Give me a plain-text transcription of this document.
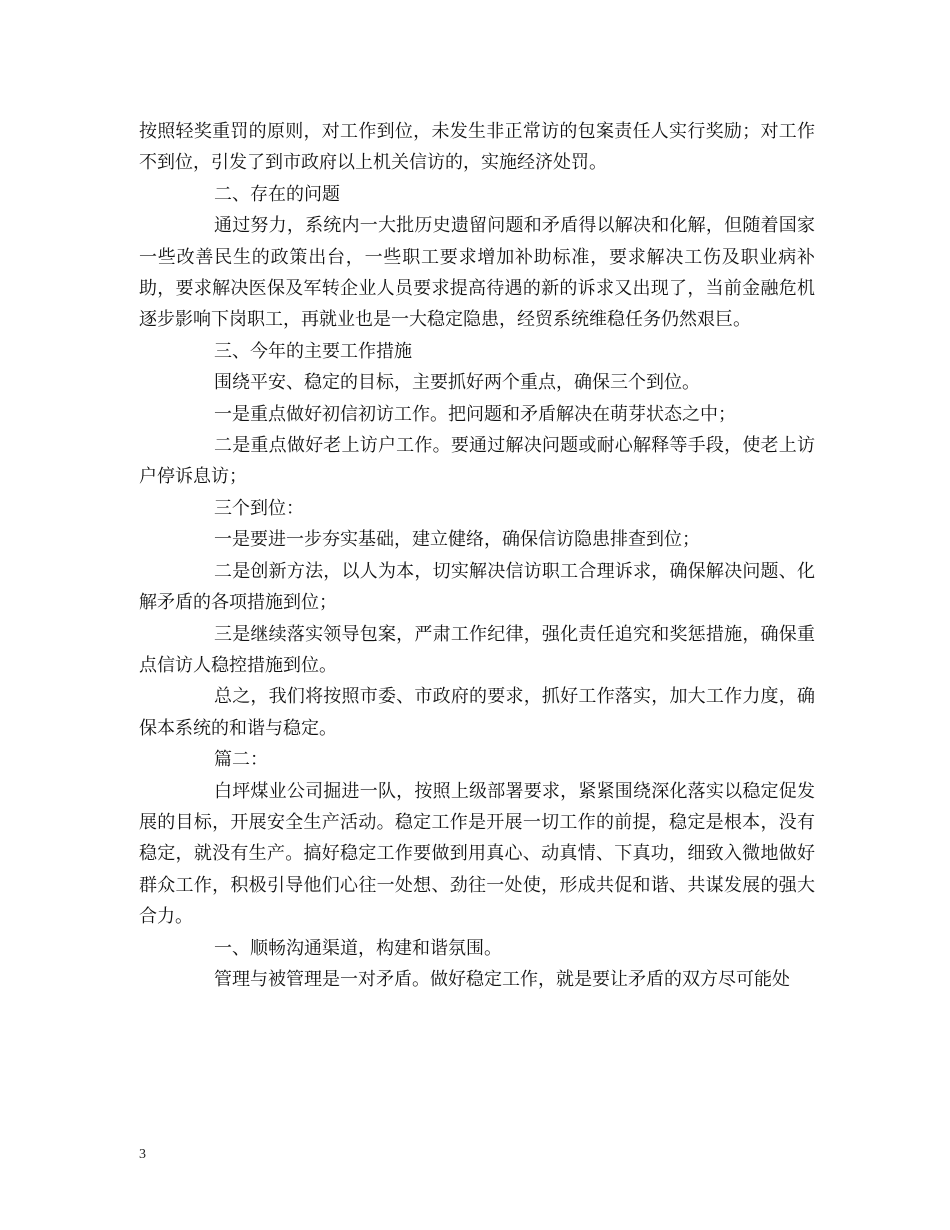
按照轻奖重罚的原则，对工作到位，未发生非正常访的包案责任人实行奖励；对工作不到位，引发了到市政府以上机关信访的，实施经济处罚。

二、存在的问题

通过努力，系统内一大批历史遗留问题和矛盾得以解决和化解，但随着国家一些改善民生的政策出台，一些职工要求增加补助标准，要求解决工伤及职业病补助，要求解决医保及军转企业人员要求提高待遇的新的诉求又出现了，当前金融危机逐步影响下岗职工，再就业也是一大稳定隐患，经贸系统维稳任务仍然艰巨。

三、今年的主要工作措施

围绕平安、稳定的目标，主要抓好两个重点，确保三个到位。

一是重点做好初信初访工作。把问题和矛盾解决在萌芽状态之中；

二是重点做好老上访户工作。要通过解决问题或耐心解释等手段，使老上访户停诉息访；

三个到位：

一是要进一步夯实基础，建立健络，确保信访隐患排查到位；

二是创新方法，以人为本，切实解决信访职工合理诉求，确保解决问题、化解矛盾的各项措施到位；

三是继续落实领导包案，严肃工作纪律，强化责任追究和奖惩措施，确保重点信访人稳控措施到位。

总之，我们将按照市委、市政府的要求，抓好工作落实，加大工作力度，确保本系统的和谐与稳定。

篇二：

白坪煤业公司掘进一队，按照上级部署要求，紧紧围绕深化落实以稳定促发展的目标，开展安全生产活动。稳定工作是开展一切工作的前提，稳定是根本，没有稳定，就没有生产。搞好稳定工作要做到用真心、动真情、下真功，细致入微地做好群众工作，积极引导他们心往一处想、劲往一处使，形成共促和谐、共谋发展的强大合力。

一、顺畅沟通渠道，构建和谐氛围。

管理与被管理是一对矛盾。做好稳定工作，就是要让矛盾的双方尽可能处

3
